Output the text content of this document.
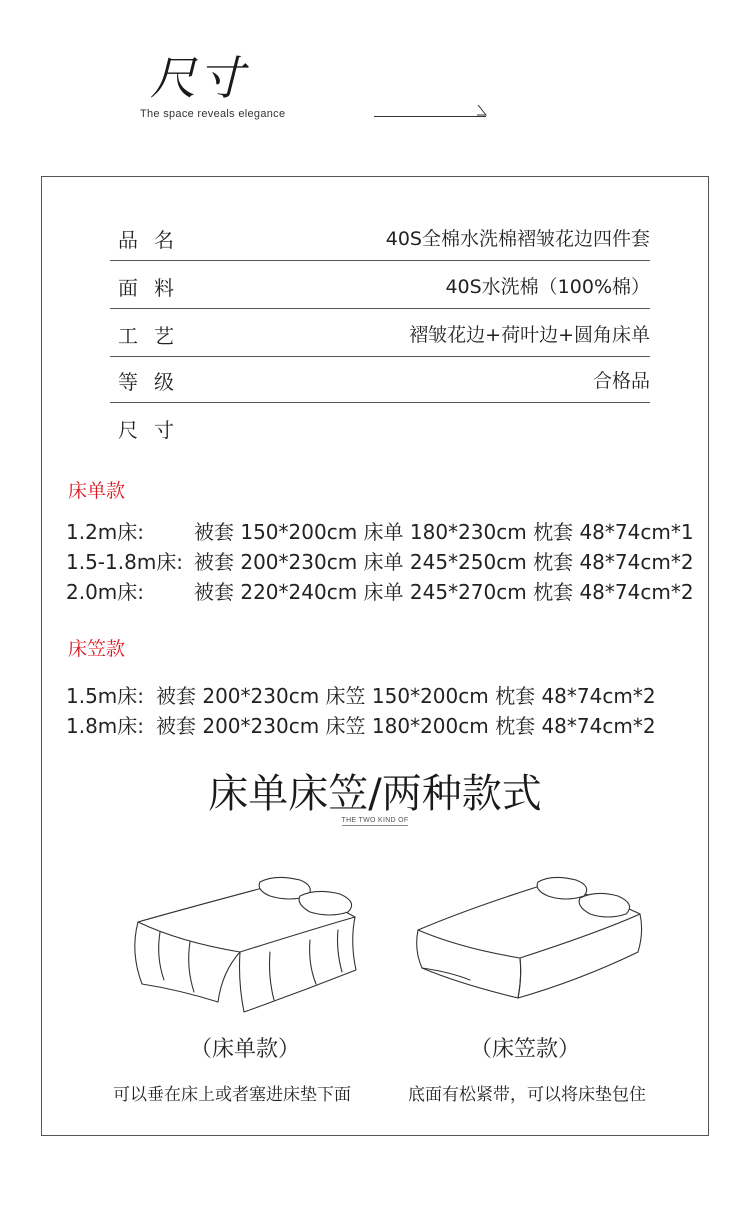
尺寸
The space reveals elegance
品名	40S全棉水洗棉褶皱花边四件套
面料	40S水洗棉（100%棉）
工艺	褶皱花边+荷叶边+圆角床单
等级	合格品
尺寸
床单款
1.2m床: 被套 150*200cm 床单 180*230cm 枕套 48*74cm*1
1.5-1.8m床: 被套 200*230cm 床单 245*250cm 枕套 48*74cm*2
2.0m床: 被套 220*240cm 床单 245*270cm 枕套 48*74cm*2
床笠款
1.5m床: 被套 200*230cm 床笠 150*200cm 枕套 48*74cm*2
1.8m床: 被套 200*230cm 床笠 180*200cm 枕套 48*74cm*2
床单床笠/两种款式
THE TWO KIND OF
（床单款）	（床笠款）
可以垂在床上或者塞进床垫下面	底面有松紧带，可以将床垫包住
